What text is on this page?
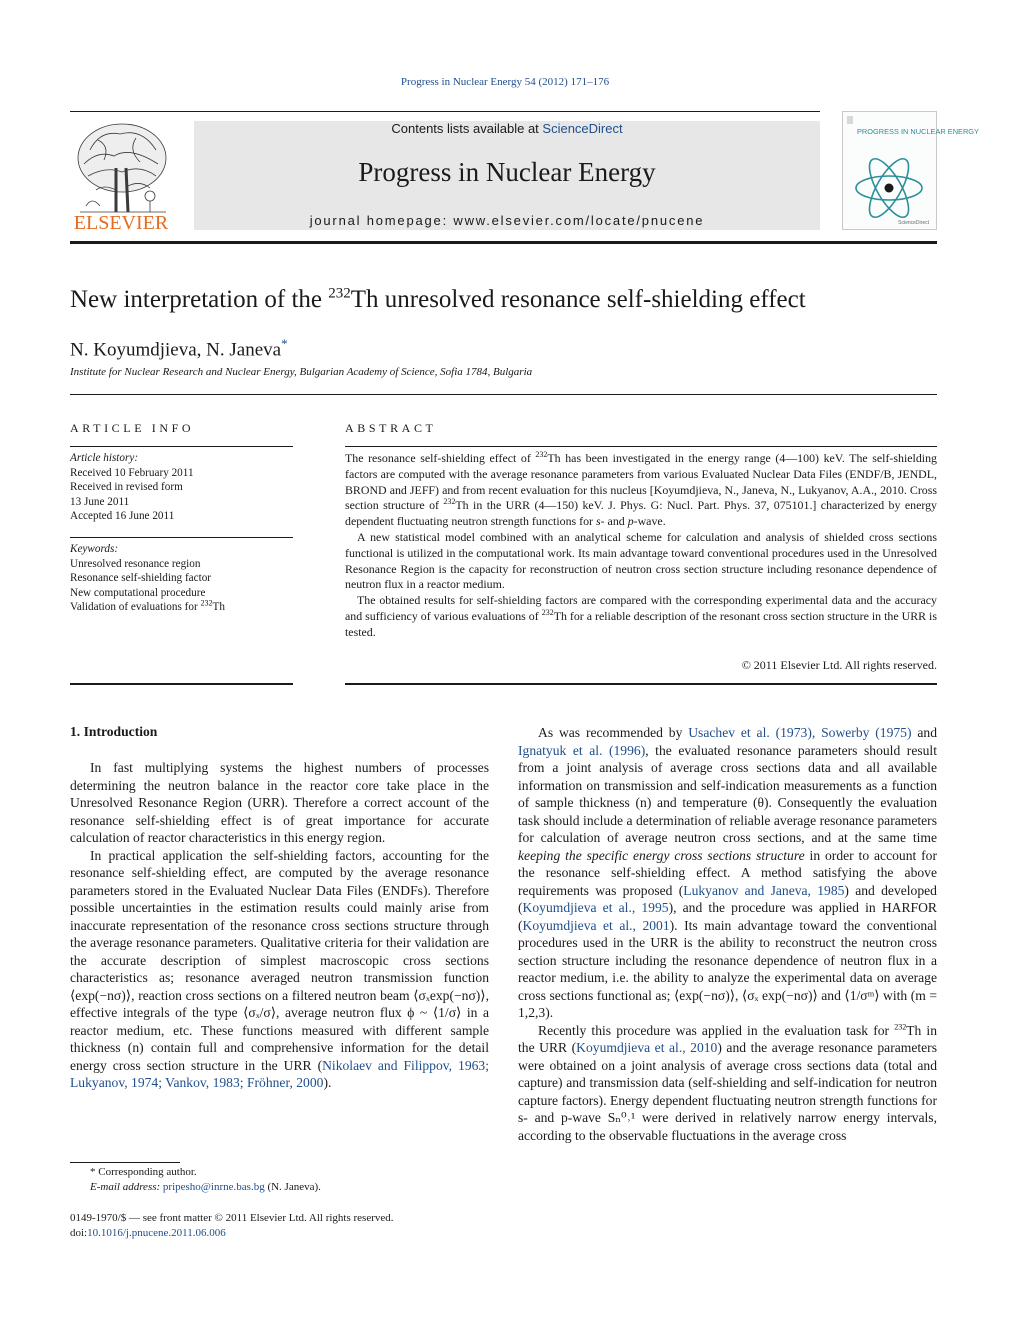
Progress in Nuclear Energy 54 (2012) 171–176
ELSEVIER
Contents lists available at ScienceDirect
Progress in Nuclear Energy
journal homepage: www.elsevier.com/locate/pnucene
PROGRESS IN NUCLEAR ENERGY
ScienceDirect
New interpretation of the $^{232}$Th unresolved resonance self-shielding effect
N. Koyumdjieva, N. Janeva*
Institute for Nuclear Research and Nuclear Energy, Bulgarian Academy of Science, Sofia 1784, Bulgaria
ARTICLE INFO
Article history:
Received 10 February 2011
Received in revised form
13 June 2011
Accepted 16 June 2011
Keywords:
Unresolved resonance region
Resonance self-shielding factor
New computational procedure
Validation of evaluations for $^{232}$Th
ABSTRACT

The resonance self-shielding effect of $^{232}$Th has been investigated in the energy range (4—100) keV. The self-shielding factors are computed with the average resonance parameters from various Evaluated Nuclear Data Files (ENDF/B, JENDL, BROND and JEFF) and from recent evaluation for this nucleus [Koyumdjieva, N., Janeva, N., Lukyanov, A.A., 2010. Cross section structure of $^{232}$Th in the URR (4—150) keV. J. Phys. G: Nucl. Part. Phys. 37, 075101.] characterized by energy dependent fluctuating neutron strength functions for s- and p-wave.

A new statistical model combined with an analytical scheme for calculation and analysis of shielded cross sections functional is utilized in the computational work. Its main advantage toward conventional procedures used in the Unresolved Resonance Region is the capacity for reconstruction of neutron cross section structure including resonance dependence of neutron flux in a reactor medium.

The obtained results for self-shielding factors are compared with the corresponding experimental data and the accuracy and sufficiency of various evaluations of $^{232}$Th for a reliable description of the resonant cross section structure in the URR is tested.

© 2011 Elsevier Ltd. All rights reserved.
1. Introduction

In fast multiplying systems the highest numbers of processes determining the neutron balance in the reactor core take place in the Unresolved Resonance Region (URR). Therefore a correct account of the resonance self-shielding effect is of great importance for accurate calculation of reactor characteristics in this energy region.

In practical application the self-shielding factors, accounting for the resonance self-shielding effect, are computed by the average resonance parameters stored in the Evaluated Nuclear Data Files (ENDFs). Therefore possible uncertainties in the estimation results could mainly arise from inaccurate representation of the resonance cross sections structure through the average resonance parameters. Qualitative criteria for their validation are the accurate description of simplest macroscopic cross sections characteristics as; resonance averaged neutron transmission function ⟨exp(−nσ)⟩, reaction cross sections on a filtered neutron beam ⟨σₓexp(−nσ)⟩, effective integrals of the type ⟨σₓ/σ⟩, average neutron flux ϕ ~ ⟨1/σ⟩ in a reactor medium, etc. These functions measured with different sample thickness (n) contain full and comprehensive information for the detail energy cross section structure in the URR (Nikolaev and Filippov, 1963; Lukyanov, 1974; Vankov, 1983; Fröhner, 2000).

As was recommended by Usachev et al. (1973), Sowerby (1975) and Ignatyuk et al. (1996), the evaluated resonance parameters should result from a joint analysis of average cross sections data and all available information on transmission and self-indication measurements as a function of sample thickness (n) and temperature (θ). Consequently the evaluation task should include a determination of reliable average resonance parameters for calculation of average neutron cross sections, and at the same time keeping the specific energy cross sections structure in order to account for the resonance self-shielding effect. A method satisfying the above requirements was proposed (Lukyanov and Janeva, 1985) and developed (Koyumdjieva et al., 1995), and the procedure was applied in HARFOR (Koyumdjieva et al., 2001). Its main advantage toward the conventional procedures used in the URR is the ability to reconstruct the neutron cross section structure including the resonance dependence of neutron flux in a reactor medium, i.e. the ability to analyze the experimental data on average cross sections functional as; ⟨exp(−nσ)⟩, ⟨σₓ exp(−nσ)⟩ and ⟨1/σᵐ⟩ with (m = 1,2,3).

Recently this procedure was applied in the evaluation task for $^{232}$Th in the URR (Koyumdjieva et al., 2010) and the average resonance parameters were obtained on a joint analysis of average cross sections data (total and capture) and transmission data (self-shielding and self-indication for neutron capture factors). Energy dependent fluctuating neutron strength functions for s- and p-wave Sₙ⁰˒¹ were derived in relatively narrow energy intervals, according to the observable fluctuations in the average cross

* Corresponding author.
E-mail address: pripesho@inrne.bas.bg (N. Janeva).
0149-1970/$ — see front matter © 2011 Elsevier Ltd. All rights reserved.
doi:10.1016/j.pnucene.2011.06.006
